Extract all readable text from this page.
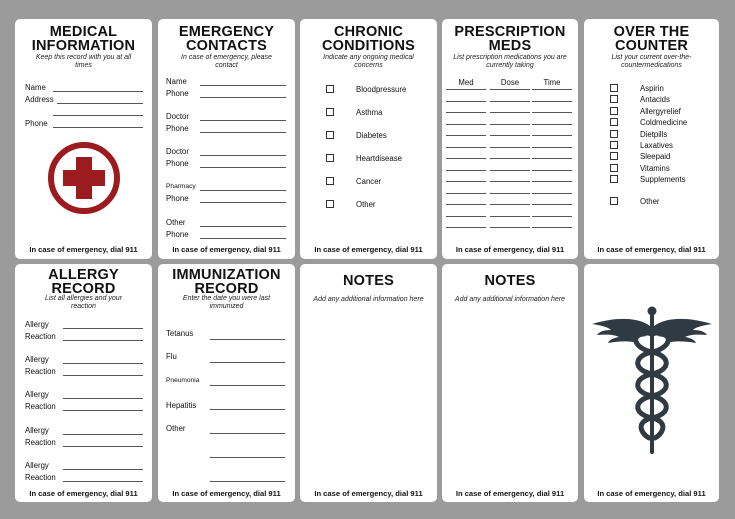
MEDICAL INFORMATION
Keep this record with you at all times
Name
Address
Phone
In case of emergency, dial 911
EMERGENCY CONTACTS
In case of emergency, please contact
Name
Phone
Doctor
Phone
Doctor
Phone
Pharmacy
Phone
Other
Phone
In case of emergency, dial 911
CHRONIC CONDITIONS
Indicate any ongoing medical concerns
Bloodpressure
Asthma
Diabetes
Heartdisease
Cancer
Other
In case of emergency, dial 911
PRESCRIPTION MEDS
List prescription medications you are currently taking
Med	Dose	Time
In case of emergency, dial 911
OVER THE COUNTER
List your current over-the-countermedications
Aspirin
Antacids
Allergyrelief
Coldmedicine
Dietpills
Laxatives
Sleepaid
Vitamins
Supplements
Other
In case of emergency, dial 911
ALLERGY RECORD
List all allergies and your reaction
Allergy
Reaction
Allergy
Reaction
Allergy
Reaction
Allergy
Reaction
Allergy
Reaction
In case of emergency, dial 911
IMMUNIZATION RECORD
Enter the date you were last immunized
Tetanus
Flu
Pneumonia
Hepatitis
Other
In case of emergency, dial 911
NOTES
Add any additional information here
In case of emergency, dial 911
NOTES
Add any additional information here
In case of emergency, dial 911	In case of emergency, dial 911
